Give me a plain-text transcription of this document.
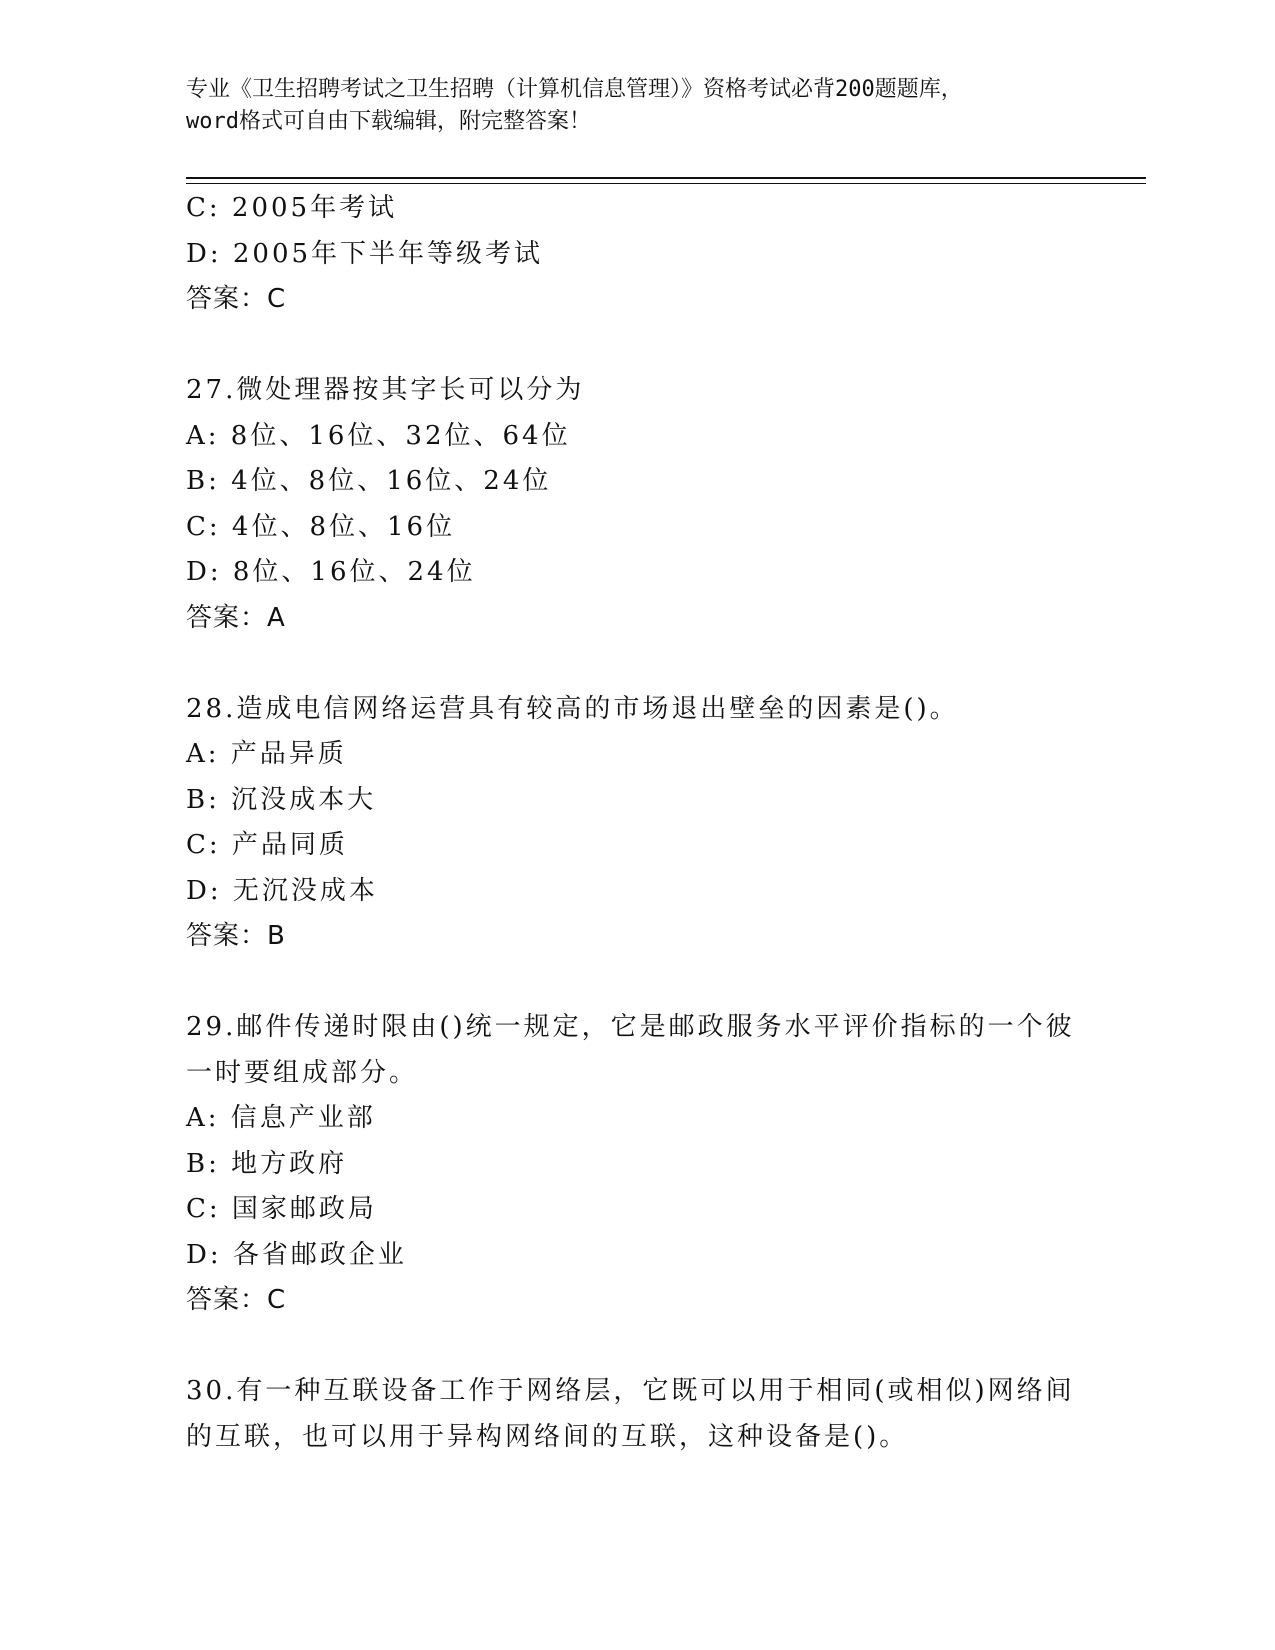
专业《卫生招聘考试之卫生招聘（计算机信息管理）》资格考试必背200题题库，
word格式可自由下载编辑，附完整答案！
C: 2005年考试
D: 2005年下半年等级考试
答案：C
27.微处理器按其字长可以分为
A: 8位、16位、32位、64位
B: 4位、8位、16位、24位
C: 4位、8位、16位
D: 8位、16位、24位
答案：A
28.造成电信网络运营具有较高的市场退出壁垒的因素是()。
A: 产品异质
B: 沉没成本大
C: 产品同质
D: 无沉没成本
答案：B
29.邮件传递时限由()统一规定，它是邮政服务水平评价指标的一个彼
一时要组成部分。
A: 信息产业部
B: 地方政府
C: 国家邮政局
D: 各省邮政企业
答案：C
30.有一种互联设备工作于网络层，它既可以用于相同(或相似)网络间
的互联，也可以用于异构网络间的互联，这种设备是()。
